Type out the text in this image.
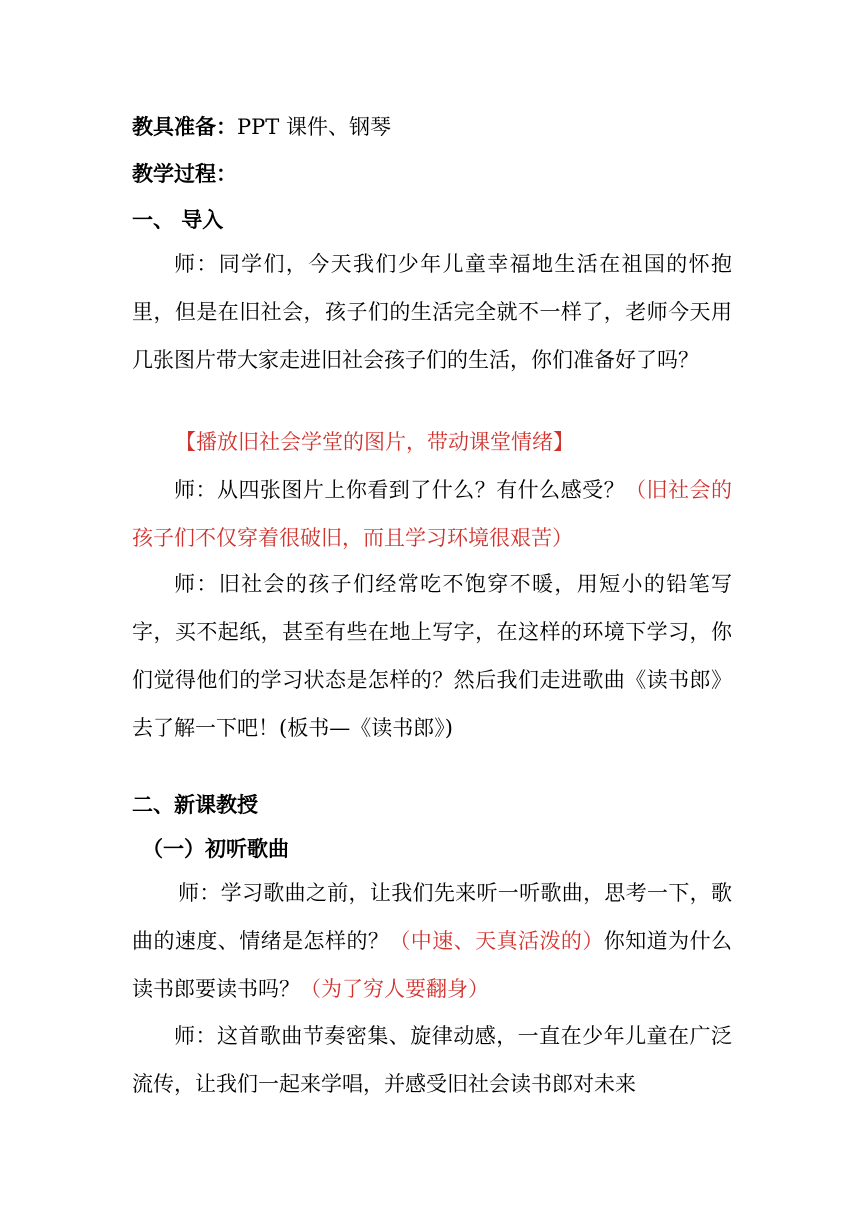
教具准备：PPT 课件、钢琴
教学过程：
一、 导入
师：同学们，今天我们少年儿童幸福地生活在祖国的怀抱里，但是在旧社会，孩子们的生活完全就不一样了，老师今天用几张图片带大家走进旧社会孩子们的生活，你们准备好了吗？
【播放旧社会学堂的图片，带动课堂情绪】
师：从四张图片上你看到了什么？有什么感受？（旧社会的孩子们不仅穿着很破旧，而且学习环境很艰苦）
师：旧社会的孩子们经常吃不饱穿不暖，用短小的铅笔写字，买不起纸，甚至有些在地上写字，在这样的环境下学习，你们觉得他们的学习状态是怎样的？然后我们走进歌曲《读书郎》去了解一下吧！(板书—《读书郎》)
二、新课教授
（一）初听歌曲
师：学习歌曲之前，让我们先来听一听歌曲，思考一下，歌曲的速度、情绪是怎样的？（中速、天真活泼的）你知道为什么读书郎要读书吗？（为了穷人要翻身）
师：这首歌曲节奏密集、旋律动感，一直在少年儿童在广泛流传，让我们一起来学唱，并感受旧社会读书郎对未来
